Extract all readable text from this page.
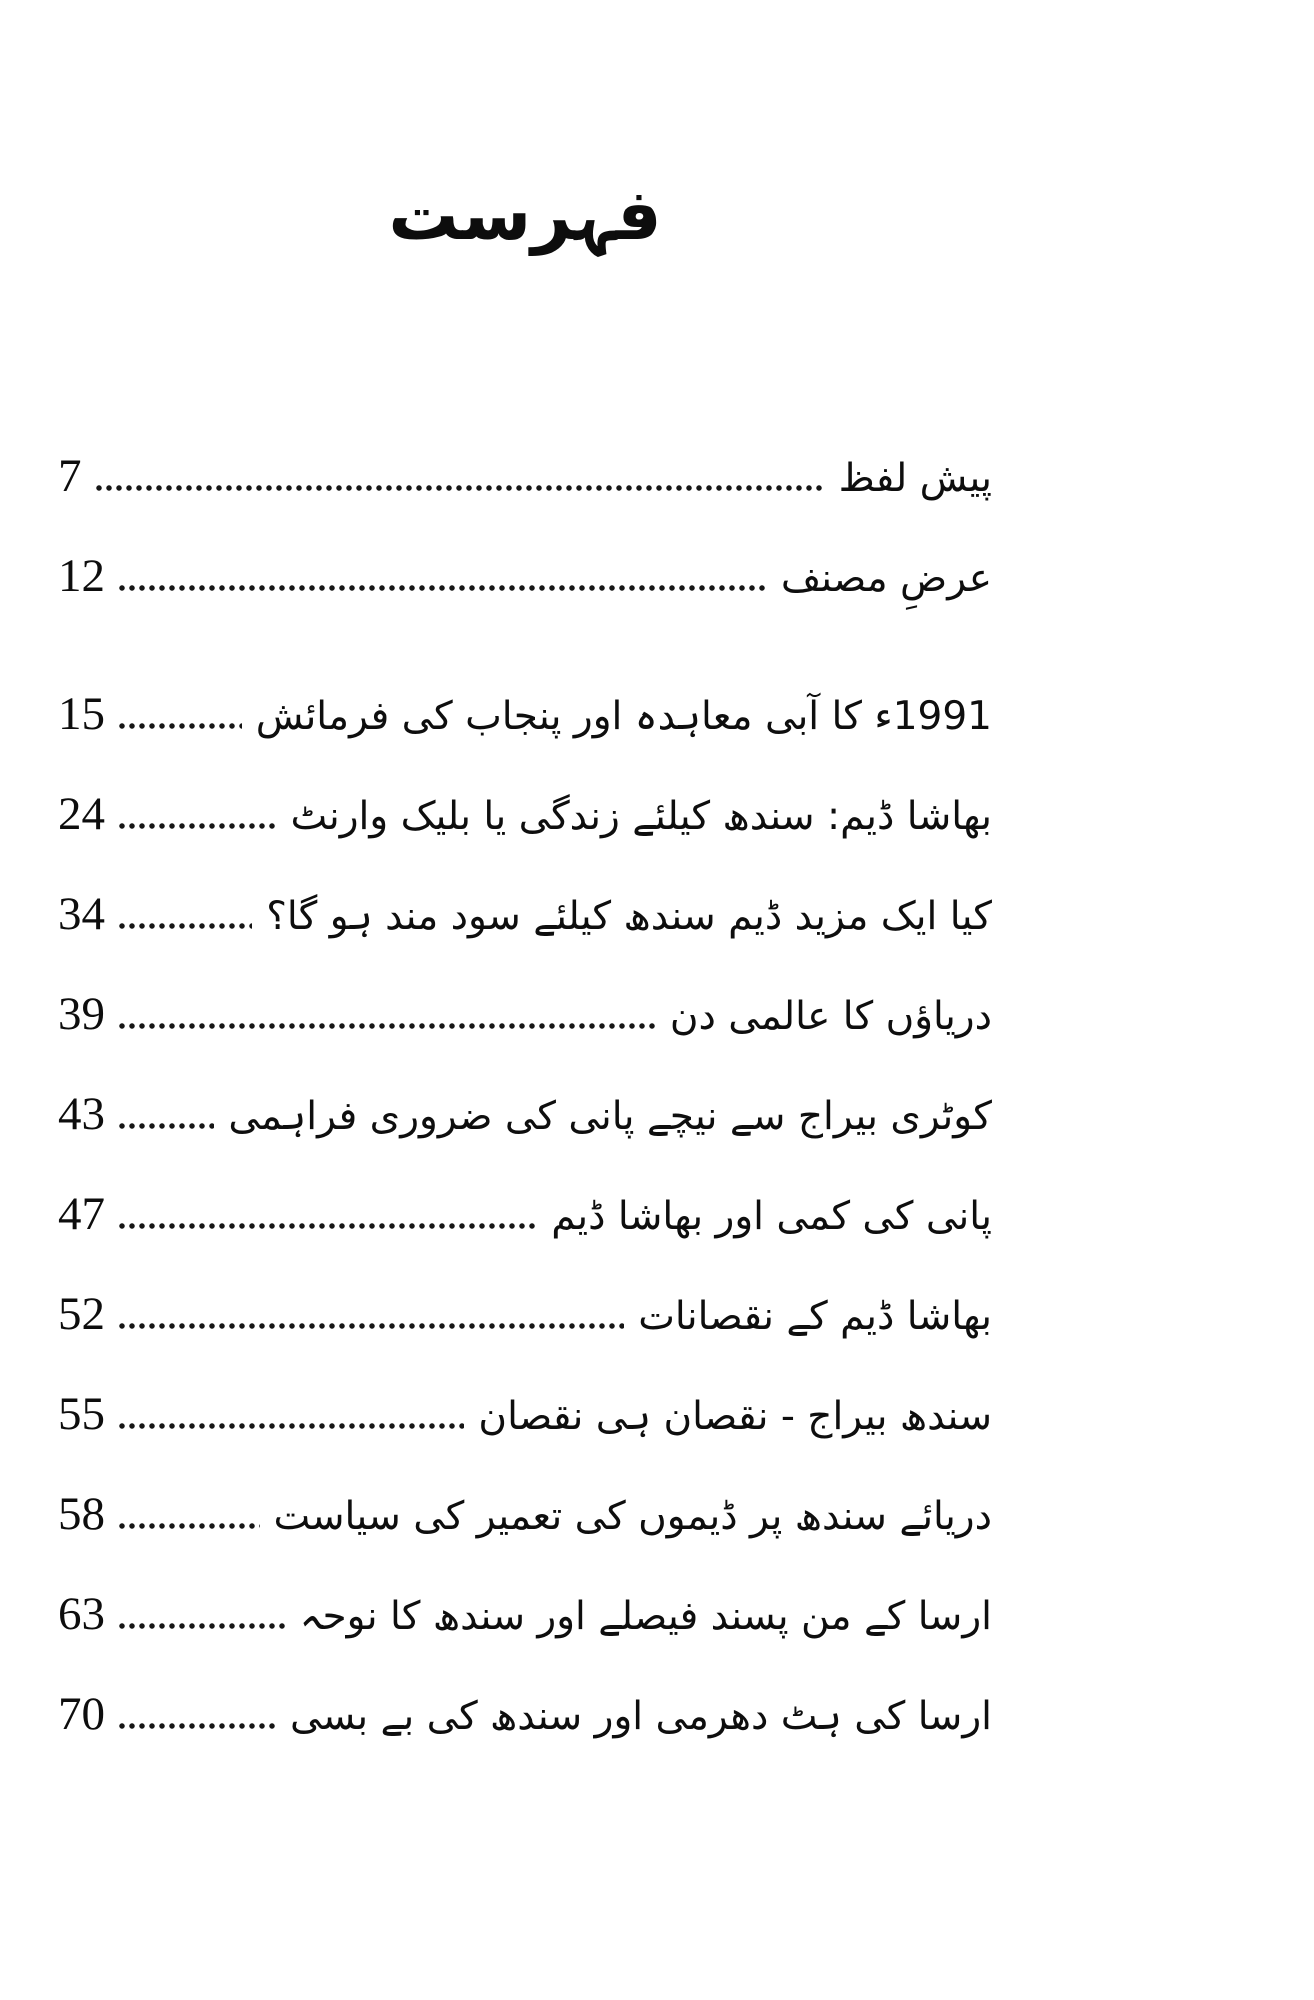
فہرست
پیش لفظ
7
عرضِ مصنف
12
1991ء کا آبی معاہدہ اور پنجاب کی فرمائش
15
بھاشا ڈیم: سندھ کیلئے زندگی یا بلیک وارنٹ
24
کیا ایک مزید ڈیم سندھ کیلئے سود مند ہو گا؟
34
دریاؤں کا عالمی دن
39
کوٹری بیراج سے نیچے پانی کی ضروری فراہمی
43
پانی کی کمی اور بھاشا ڈیم
47
بھاشا ڈیم کے نقصانات
52
سندھ بیراج - نقصان ہی نقصان
55
دریائے سندھ پر ڈیموں کی تعمیر کی سیاست
58
ارسا کے من پسند فیصلے اور سندھ کا نوحہ
63
ارسا کی ہٹ دھرمی اور سندھ کی بے بسی
70
